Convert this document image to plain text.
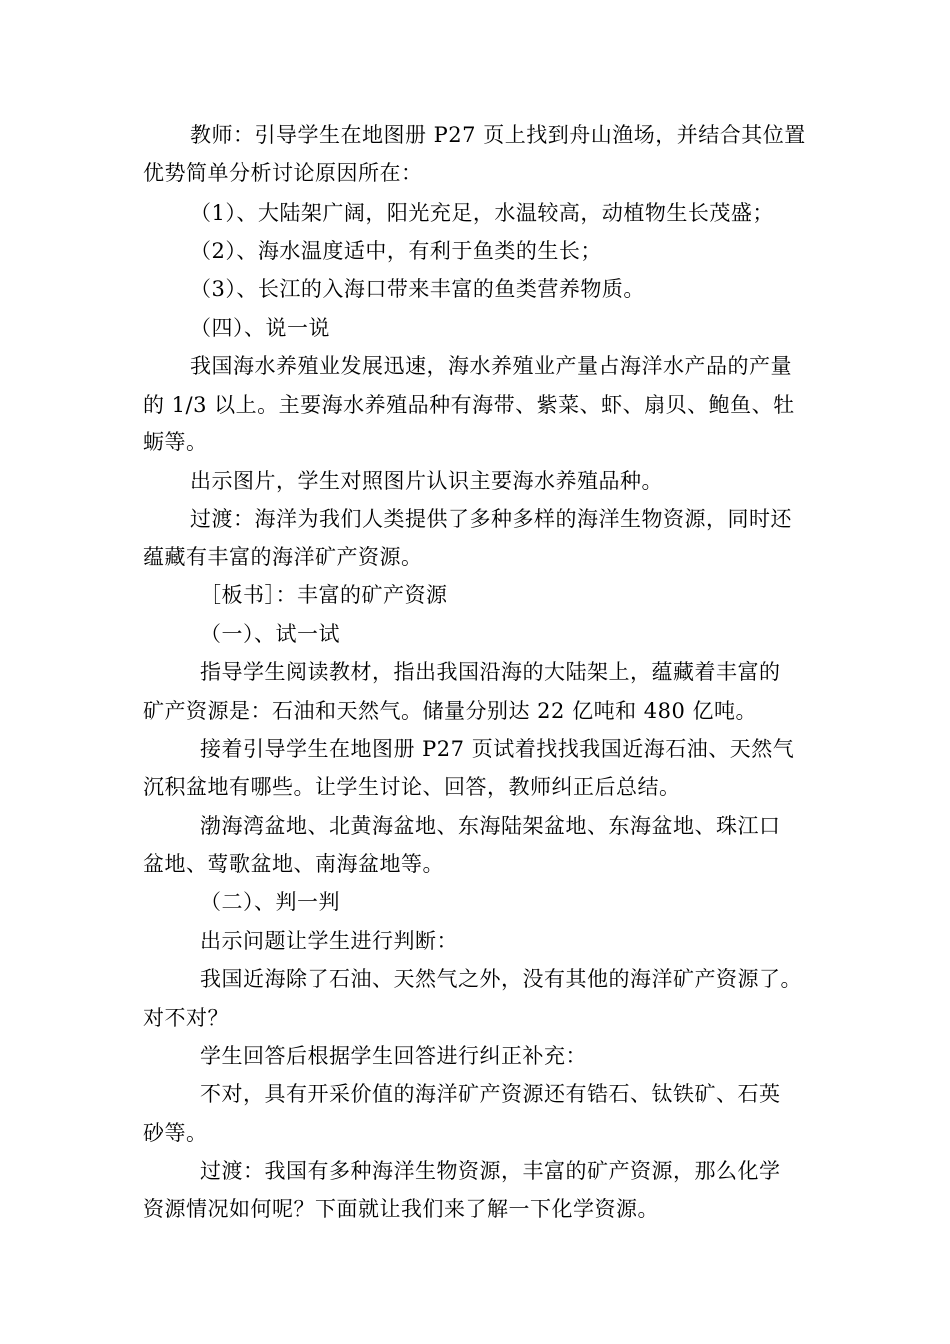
教师：引导学生在地图册 P27 页上找到舟山渔场，并结合其位置
优势简单分析讨论原因所在：
（1）、大陆架广阔，阳光充足，水温较高，动植物生长茂盛；
（2）、海水温度适中，有利于鱼类的生长；
（3）、长江的入海口带来丰富的鱼类营养物质。
（四）、说一说
我国海水养殖业发展迅速，海水养殖业产量占海洋水产品的产量
的 1/3 以上。主要海水养殖品种有海带、紫菜、虾、扇贝、鲍鱼、牡
蛎等。
出示图片，学生对照图片认识主要海水养殖品种。
过渡：海洋为我们人类提供了多种多样的海洋生物资源，同时还
蕴藏有丰富的海洋矿产资源。
［板书］：丰富的矿产资源
（一）、试一试
指导学生阅读教材，指出我国沿海的大陆架上，蕴藏着丰富的
矿产资源是：石油和天然气。储量分别达 22 亿吨和 480 亿吨。
接着引导学生在地图册 P27 页试着找找我国近海石油、天然气
沉积盆地有哪些。让学生讨论、回答，教师纠正后总结。
渤海湾盆地、北黄海盆地、东海陆架盆地、东海盆地、珠江口
盆地、莺歌盆地、南海盆地等。
（二）、判一判
出示问题让学生进行判断：
我国近海除了石油、天然气之外，没有其他的海洋矿产资源了。
对不对？
学生回答后根据学生回答进行纠正补充：
不对，具有开采价值的海洋矿产资源还有锆石、钛铁矿、石英
砂等。
过渡：我国有多种海洋生物资源，丰富的矿产资源，那么化学
资源情况如何呢？下面就让我们来了解一下化学资源。
